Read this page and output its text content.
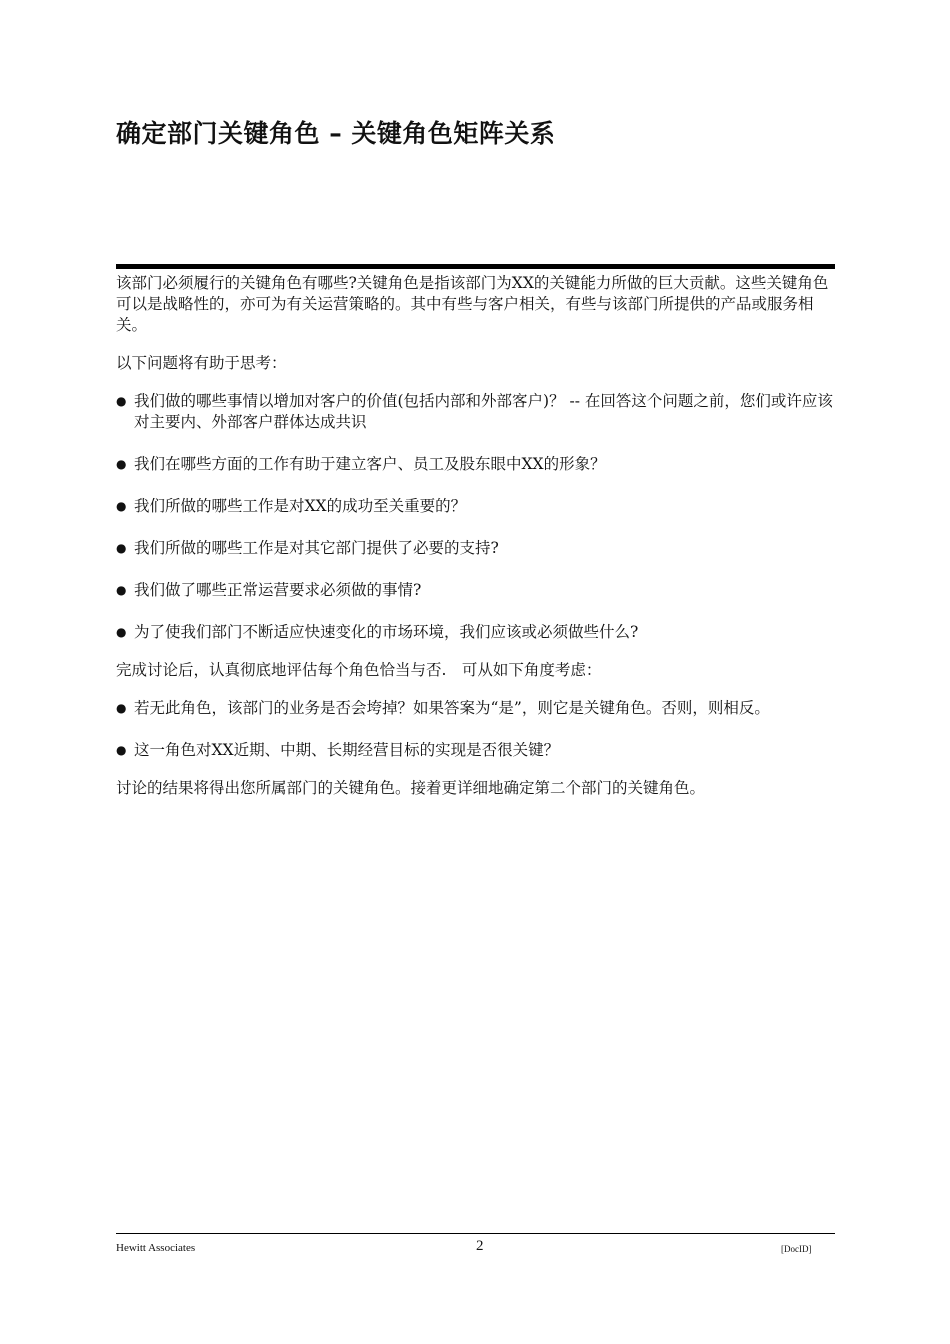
确定部门关键角色 – 关键角色矩阵关系

该部门必须履行的关键角色有哪些?关键角色是指该部门为XX的关键能力所做的巨大贡献。这些关键角色可以是战略性的，亦可为有关运营策略的。其中有些与客户相关，有些与该部门所提供的产品或服务相关。

以下问题将有助于思考：

● 我们做的哪些事情以增加对客户的价值(包括内部和外部客户)？ -- 在回答这个问题之前，您们或许应该对主要内、外部客户群体达成共识
● 我们在哪些方面的工作有助于建立客户、员工及股东眼中XX的形象？
● 我们所做的哪些工作是对XX的成功至关重要的？
● 我们所做的哪些工作是对其它部门提供了必要的支持?
● 我们做了哪些正常运营要求必须做的事情?
● 为了使我们部门不断适应快速变化的市场环境，我们应该或必须做些什么?

完成讨论后，认真彻底地评估每个角色恰当与否.　可从如下角度考虑：

● 若无此角色，该部门的业务是否会垮掉？如果答案为“是”，则它是关键角色。否则，则相反。
● 这一角色对XX近期、中期、长期经营目标的实现是否很关键？

讨论的结果将得出您所属部门的关键角色。接着更详细地确定第二个部门的关键角色。

Hewitt Associates	2	[DocID]
